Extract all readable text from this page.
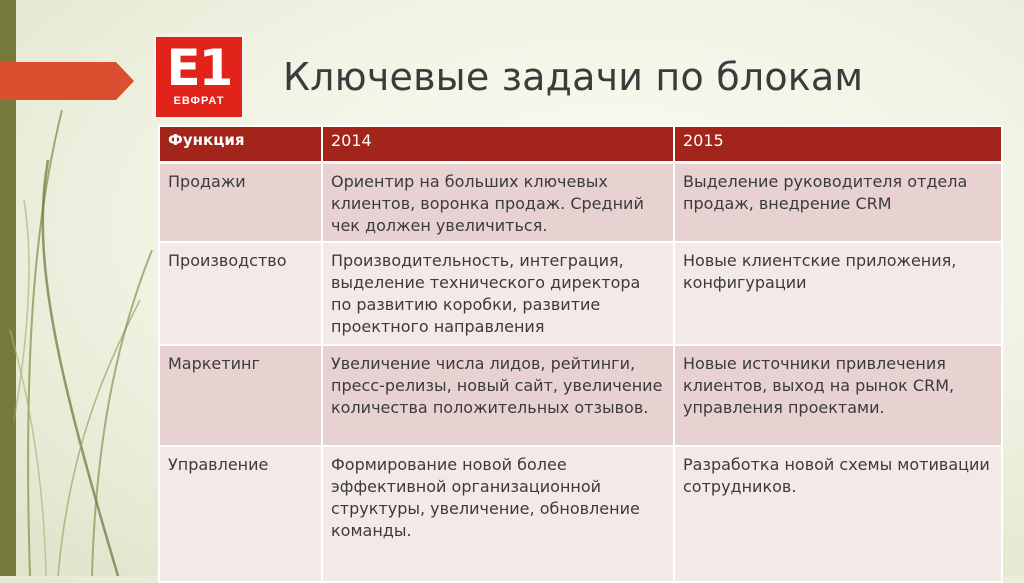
E1
ЕВФРАТ
Ключевые задачи по блокам
Функция	2014	2015
Продажи	Ориентир на больших ключевых клиентов, воронка продаж. Средний чек должен увеличиться.	Выделение руководителя отдела продаж, внедрение CRM
Производство	Производительность, интеграция, выделение технического директора по развитию коробки, развитие проектного направления	Новые клиентские приложения, конфигурации
Маркетинг	Увеличение числа лидов, рейтинги, пресс-релизы, новый сайт, увеличение количества положительных отзывов.	Новые источники привлечения клиентов, выход на рынок CRM, управления проектами.
Управление	Формирование новой более эффективной организационной структуры, увеличение, обновление команды.	Разработка новой схемы мотивации сотрудников.
